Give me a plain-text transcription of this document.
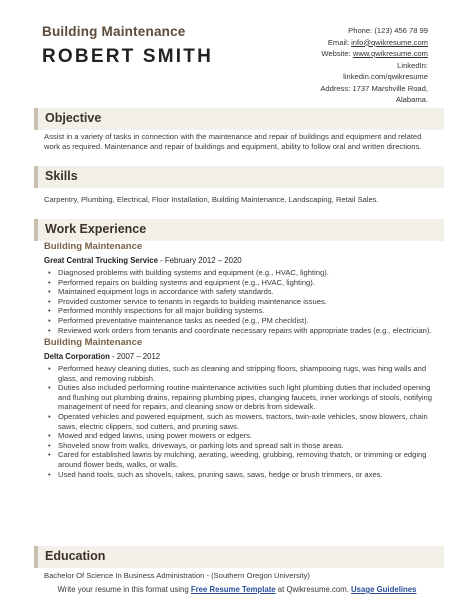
Building Maintenance
ROBERT SMITH
Phone: (123) 456 78 99
Email: info@qwikresume.com
Website: www.qwikresume.com
LinkedIn:
linkedin.com/qwikresume
Address: 1737 Marshville Road,
Alabama.
Objective
Assist in a variety of tasks in connection with the maintenance and repair of buildings and equipment and related work as required. Maintenance and repair of buildings and equipment, ability to follow oral and written directions.
Skills
Carpentry, Plumbing, Electrical, Floor Installation, Building Maintenance, Landscaping, Retail Sales.
Work Experience
Building Maintenance
Great Central Trucking Service - February 2012 – 2020
• Diagnosed problems with building systems and equipment (e.g., HVAC, lighting).
• Performed repairs on building systems and equipment (e.g., HVAC, lighting).
• Maintained equipment logs in accordance with safety standards.
• Provided customer service to tenants in regards to building maintenance issues.
• Performed monthly inspections for all major building systems.
• Performed preventative maintenance tasks as needed (e.g., PM checklist).
• Reviewed work orders from tenants and coordinate necessary repairs with appropriate trades (e.g., electrician).
Building Maintenance
Delta Corporation - 2007 – 2012
• Performed heavy cleaning duties, such as cleaning and stripping floors, shampooing rugs, was hing walls and glass, and removing rubbish.
• Duties also included performing routine maintenance activities such light plumbing duties that included opening and flushing out plumbing drains, repairing plumbing pipes, changing faucets, inner workings of stools, notifying management of need for repairs, and cleaning snow or debris from sidewalk.
• Operated vehicles and powered equipment, such as mowers, tractors, twin-axle vehicles, snow blowers, chain saws, electric clippers, sod cutters, and pruning saws.
• Mowed and edged lawns, using power mowers or edgers.
• Shoveled snow from walks, driveways, or parking lots and spread salt in those areas.
• Cared for established lawns by mulching, aerating, weeding, grubbing, removing thatch, or trimming or edging around flower beds, walks, or walls.
• Used hand tools, such as shovels, rakes, pruning saws, saws, hedge or brush trimmers, or axes.
Education
Bachelor Of Science In Business Administration - (Southern Oregon University)
Write your resume in this format using Free Resume Template at Qwikresume.com. Usage Guidelines
